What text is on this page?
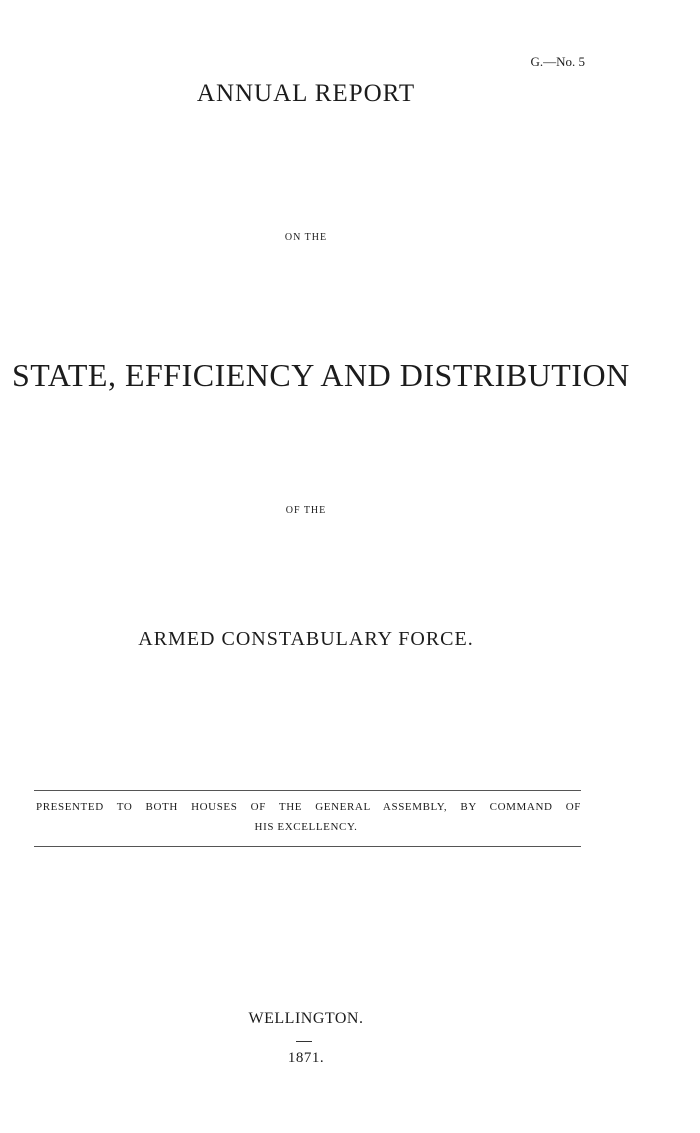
G.—No. 5
ANNUAL REPORT
ON THE
STATE, EFFICIENCY AND DISTRIBUTION
OF THE
ARMED CONSTABULARY FORCE.
PRESENTED TO BOTH HOUSES OF THE GENERAL ASSEMBLY, BY COMMAND OF
HIS EXCELLENCY.
WELLINGTON.
1871.
